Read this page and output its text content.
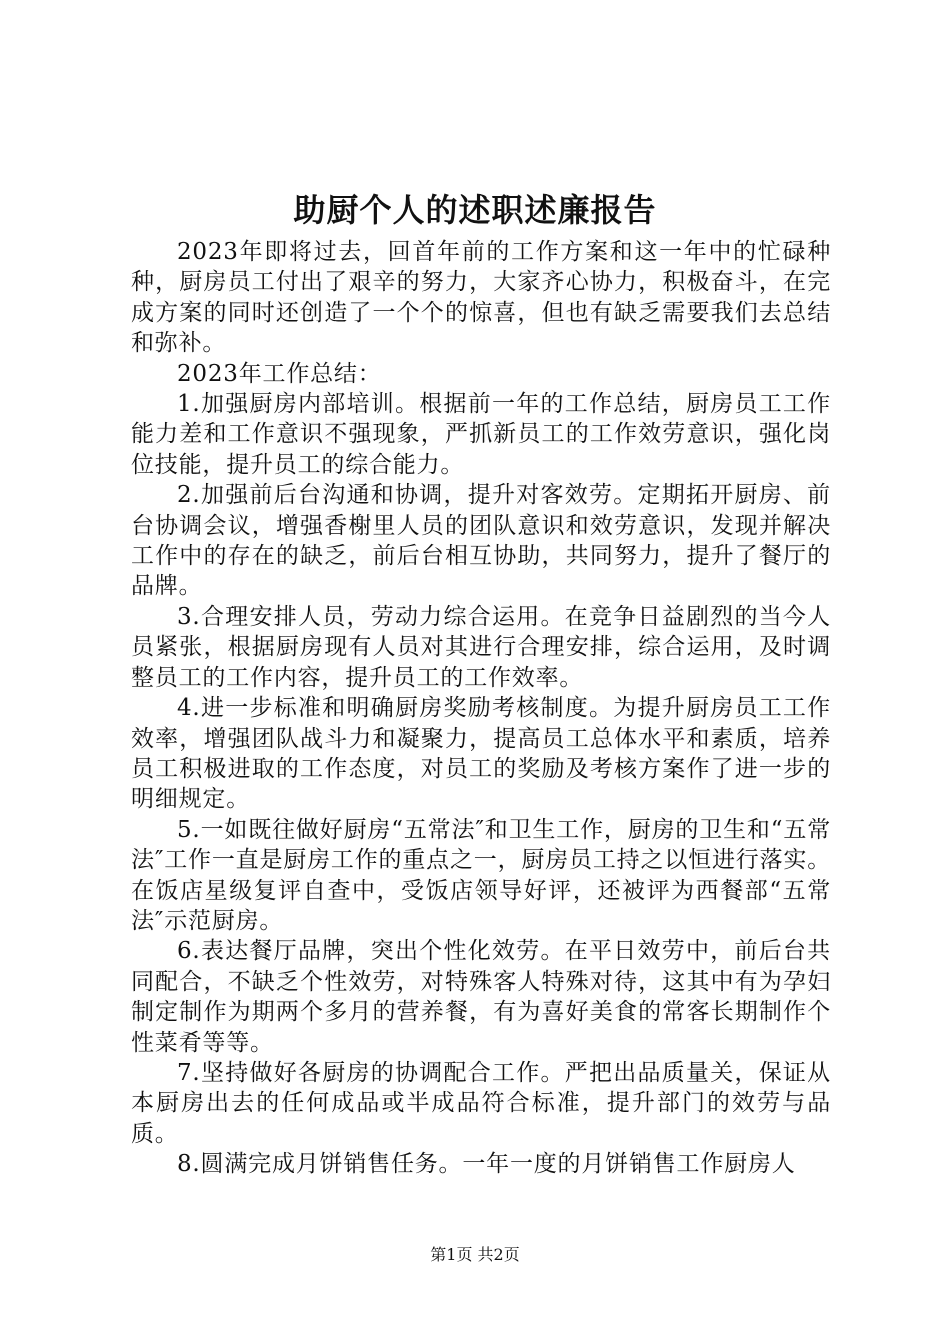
助厨个人的述职述廉报告

2023年即将过去，回首年前的工作方案和这一年中的忙碌种种，厨房员工付出了艰辛的努力，大家齐心协力，积极奋斗，在完成方案的同时还创造了一个个的惊喜，但也有缺乏需要我们去总结和弥补。

2023年工作总结：

1.加强厨房内部培训。根据前一年的工作总结，厨房员工工作能力差和工作意识不强现象，严抓新员工的工作效劳意识，强化岗位技能，提升员工的综合能力。

2.加强前后台沟通和协调，提升对客效劳。定期拓开厨房、前台协调会议，增强香榭里人员的团队意识和效劳意识，发现并解决工作中的存在的缺乏，前后台相互协助，共同努力，提升了餐厅的品牌。

3.合理安排人员，劳动力综合运用。在竞争日益剧烈的当今人员紧张，根据厨房现有人员对其进行合理安排，综合运用，及时调整员工的工作内容，提升员工的工作效率。

4.进一步标准和明确厨房奖励考核制度。为提升厨房员工工作效率，增强团队战斗力和凝聚力，提高员工总体水平和素质，培养员工积极进取的工作态度，对员工的奖励及考核方案作了进一步的明细规定。

5.一如既往做好厨房“五常法″和卫生工作，厨房的卫生和“五常法″工作一直是厨房工作的重点之一，厨房员工持之以恒进行落实。在饭店星级复评自查中，受饭店领导好评，还被评为西餐部“五常法″示范厨房。

6.表达餐厅品牌，突出个性化效劳。在平日效劳中，前后台共同配合，不缺乏个性效劳，对特殊客人特殊对待，这其中有为孕妇制定制作为期两个多月的营养餐，有为喜好美食的常客长期制作个性菜肴等等。

7.坚持做好各厨房的协调配合工作。严把出品质量关，保证从本厨房出去的任何成品或半成品符合标准，提升部门的效劳与品质。

8.圆满完成月饼销售任务。一年一度的月饼销售工作厨房人

第1页 共2页
